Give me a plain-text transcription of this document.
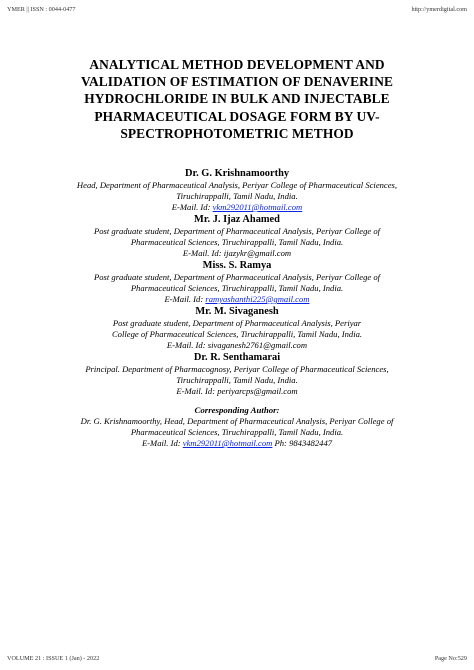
YMER || ISSN : 0044-0477	http://ymerdigital.com
ANALYTICAL METHOD DEVELOPMENT AND
VALIDATION OF ESTIMATION OF DENAVERINE
HYDROCHLORIDE IN BULK AND INJECTABLE
PHARMACEUTICAL DOSAGE FORM BY UV-
SPECTROPHOTOMETRIC METHOD
Dr. G. Krishnamoorthy
Head, Department of Pharmaceutical Analysis, Periyar College of Pharmaceutical Sciences,
Tiruchirappalli, Tamil Nadu, India.
E-Mail. Id: vkm292011@hotmail.com
Mr. J. Ijaz Ahamed
Post graduate student, Department of Pharmaceutical Analysis, Periyar College of
Pharmaceutical Sciences, Tiruchirappalli, Tamil Nadu, India.
E-Mail. Id: ijazykr@gmail.com
Miss. S. Ramya
Post graduate student, Department of Pharmaceutical Analysis, Periyar College of
Pharmaceutical Sciences, Tiruchirappalli, Tamil Nadu, India.
E-Mail. Id: ramyashanthi225@gmail.com
Mr. M. Sivaganesh
Post graduate student, Department of Pharmaceutical Analysis, Periyar
College of Pharmaceutical Sciences, Tiruchirappalli, Tamil Nadu, India.
E-Mail. Id: sivaganesh2761@gmail.com
Dr. R. Senthamarai
Principal. Department of Pharmacognosy, Periyar College of Pharmaceutical Sciences,
Tiruchirappalli, Tamil Nadu, India.
E-Mail. Id: periyarcps@gmail.com
Corresponding Author:
Dr. G. Krishnamoorthy, Head, Department of Pharmaceutical Analysis, Periyar College of
Pharmaceutical Sciences, Tiruchirappalli, Tamil Nadu, India.
E-Mail. Id: vkm292011@hotmail.com Ph: 9843482447
VOLUME 21 : ISSUE 1 (Jan) - 2022	Page No:529
